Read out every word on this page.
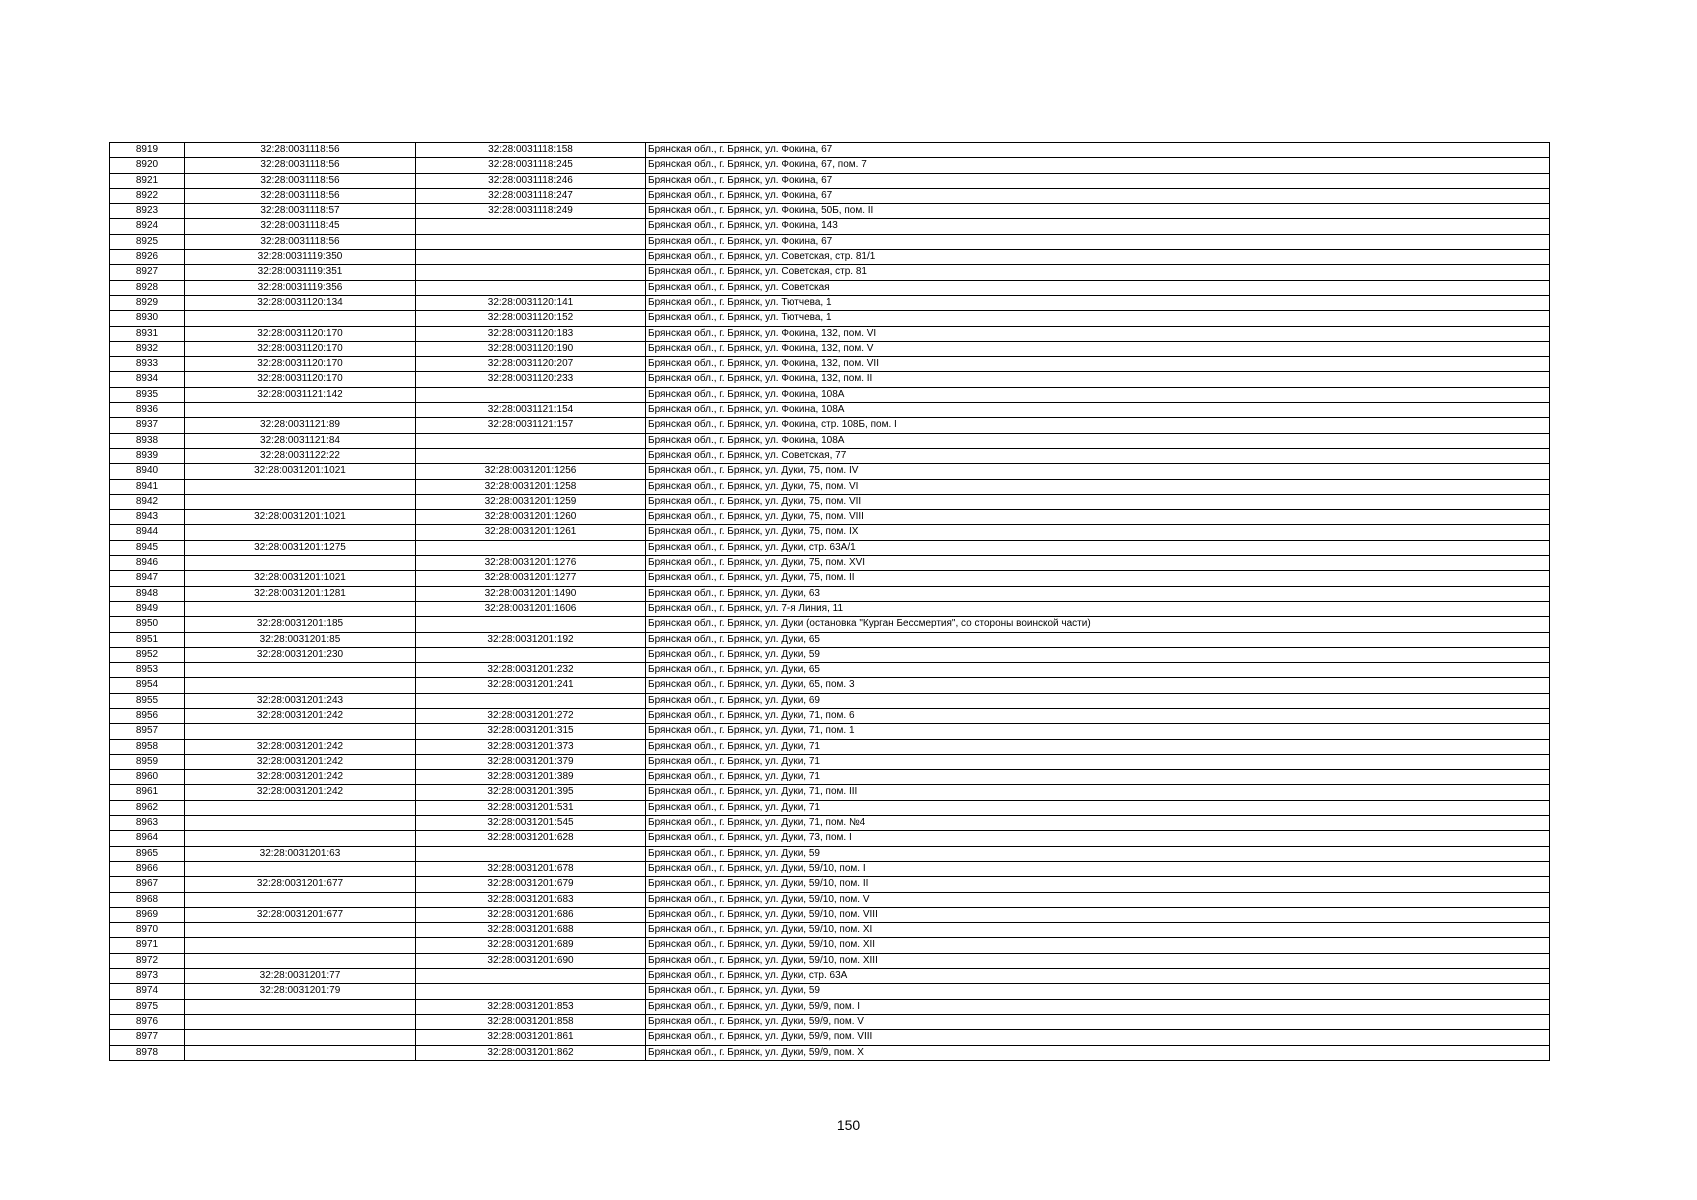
8919	32:28:0031118:56	32:28:0031118:158	Брянская обл., г. Брянск, ул. Фокина, 67
8920	32:28:0031118:56	32:28:0031118:245	Брянская обл., г. Брянск, ул. Фокина, 67, пом. 7
8921	32:28:0031118:56	32:28:0031118:246	Брянская обл., г. Брянск, ул. Фокина, 67
8922	32:28:0031118:56	32:28:0031118:247	Брянская обл., г. Брянск, ул. Фокина, 67
8923	32:28:0031118:57	32:28:0031118:249	Брянская обл., г. Брянск, ул. Фокина, 50Б, пом. II
8924	32:28:0031118:45		Брянская обл., г. Брянск, ул. Фокина, 143
8925	32:28:0031118:56		Брянская обл., г. Брянск, ул. Фокина, 67
8926	32:28:0031119:350		Брянская обл., г. Брянск, ул. Советская, стр. 81/1
8927	32:28:0031119:351		Брянская обл., г. Брянск, ул. Советская, стр. 81
8928	32:28:0031119:356		Брянская обл., г. Брянск, ул. Советская
8929	32:28:0031120:134	32:28:0031120:141	Брянская обл., г. Брянск, ул. Тютчева, 1
8930		32:28:0031120:152	Брянская обл., г. Брянск, ул. Тютчева, 1
8931	32:28:0031120:170	32:28:0031120:183	Брянская обл., г. Брянск, ул. Фокина, 132, пом. VI
8932	32:28:0031120:170	32:28:0031120:190	Брянская обл., г. Брянск, ул. Фокина, 132, пом. V
8933	32:28:0031120:170	32:28:0031120:207	Брянская обл., г. Брянск, ул. Фокина, 132, пом. VII
8934	32:28:0031120:170	32:28:0031120:233	Брянская обл., г. Брянск, ул. Фокина, 132, пом. II
8935	32:28:0031121:142		Брянская обл., г. Брянск, ул. Фокина, 108А
8936		32:28:0031121:154	Брянская обл., г. Брянск, ул. Фокина, 108А
8937	32:28:0031121:89	32:28:0031121:157	Брянская обл., г. Брянск, ул. Фокина, стр. 108Б, пом. I
8938	32:28:0031121:84		Брянская обл., г. Брянск, ул. Фокина, 108А
8939	32:28:0031122:22		Брянская обл., г. Брянск, ул. Советская, 77
8940	32:28:0031201:1021	32:28:0031201:1256	Брянская обл., г. Брянск, ул. Дуки, 75, пом. IV
8941		32:28:0031201:1258	Брянская обл., г. Брянск, ул. Дуки, 75, пом. VI
8942		32:28:0031201:1259	Брянская обл., г. Брянск, ул. Дуки, 75, пом. VII
8943	32:28:0031201:1021	32:28:0031201:1260	Брянская обл., г. Брянск, ул. Дуки, 75, пом. VIII
8944		32:28:0031201:1261	Брянская обл., г. Брянск, ул. Дуки, 75, пом. IX
8945	32:28:0031201:1275		Брянская обл., г. Брянск, ул. Дуки, стр. 63А/1
8946		32:28:0031201:1276	Брянская обл., г. Брянск, ул. Дуки, 75, пом. XVI
8947	32:28:0031201:1021	32:28:0031201:1277	Брянская обл., г. Брянск, ул. Дуки, 75, пом. II
8948	32:28:0031201:1281	32:28:0031201:1490	Брянская обл., г. Брянск, ул. Дуки, 63
8949		32:28:0031201:1606	Брянская обл., г. Брянск, ул. 7-я Линия, 11
8950	32:28:0031201:185		Брянская обл., г. Брянск, ул. Дуки (остановка "Курган Бессмертия", со стороны воинской части)
8951	32:28:0031201:85	32:28:0031201:192	Брянская обл., г. Брянск, ул. Дуки, 65
8952	32:28:0031201:230		Брянская обл., г. Брянск, ул. Дуки, 59
8953		32:28:0031201:232	Брянская обл., г. Брянск, ул. Дуки, 65
8954		32:28:0031201:241	Брянская обл., г. Брянск, ул. Дуки, 65, пом. 3
8955	32:28:0031201:243		Брянская обл., г. Брянск, ул. Дуки, 69
8956	32:28:0031201:242	32:28:0031201:272	Брянская обл., г. Брянск, ул. Дуки, 71, пом. 6
8957		32:28:0031201:315	Брянская обл., г. Брянск, ул. Дуки, 71, пом. 1
8958	32:28:0031201:242	32:28:0031201:373	Брянская обл., г. Брянск, ул. Дуки, 71
8959	32:28:0031201:242	32:28:0031201:379	Брянская обл., г. Брянск, ул. Дуки, 71
8960	32:28:0031201:242	32:28:0031201:389	Брянская обл., г. Брянск, ул. Дуки, 71
8961	32:28:0031201:242	32:28:0031201:395	Брянская обл., г. Брянск, ул. Дуки, 71, пом. III
8962		32:28:0031201:531	Брянская обл., г. Брянск, ул. Дуки, 71
8963		32:28:0031201:545	Брянская обл., г. Брянск, ул. Дуки, 71, пом. №4
8964		32:28:0031201:628	Брянская обл., г. Брянск, ул. Дуки, 73, пом. I
8965	32:28:0031201:63		Брянская обл., г. Брянск, ул. Дуки, 59
8966		32:28:0031201:678	Брянская обл., г. Брянск, ул. Дуки, 59/10, пом. I
8967	32:28:0031201:677	32:28:0031201:679	Брянская обл., г. Брянск, ул. Дуки, 59/10, пом. II
8968		32:28:0031201:683	Брянская обл., г. Брянск, ул. Дуки, 59/10, пом. V
8969	32:28:0031201:677	32:28:0031201:686	Брянская обл., г. Брянск, ул. Дуки, 59/10, пом. VIII
8970		32:28:0031201:688	Брянская обл., г. Брянск, ул. Дуки, 59/10, пом. XI
8971		32:28:0031201:689	Брянская обл., г. Брянск, ул. Дуки, 59/10, пом. XII
8972		32:28:0031201:690	Брянская обл., г. Брянск, ул. Дуки, 59/10, пом. XIII
8973	32:28:0031201:77		Брянская обл., г. Брянск, ул. Дуки, стр. 63А
8974	32:28:0031201:79		Брянская обл., г. Брянск, ул. Дуки, 59
8975		32:28:0031201:853	Брянская обл., г. Брянск, ул. Дуки, 59/9, пом. I
8976		32:28:0031201:858	Брянская обл., г. Брянск, ул. Дуки, 59/9, пом. V
8977		32:28:0031201:861	Брянская обл., г. Брянск, ул. Дуки, 59/9, пом. VIII
8978		32:28:0031201:862	Брянская обл., г. Брянск, ул. Дуки, 59/9, пом. X
150
